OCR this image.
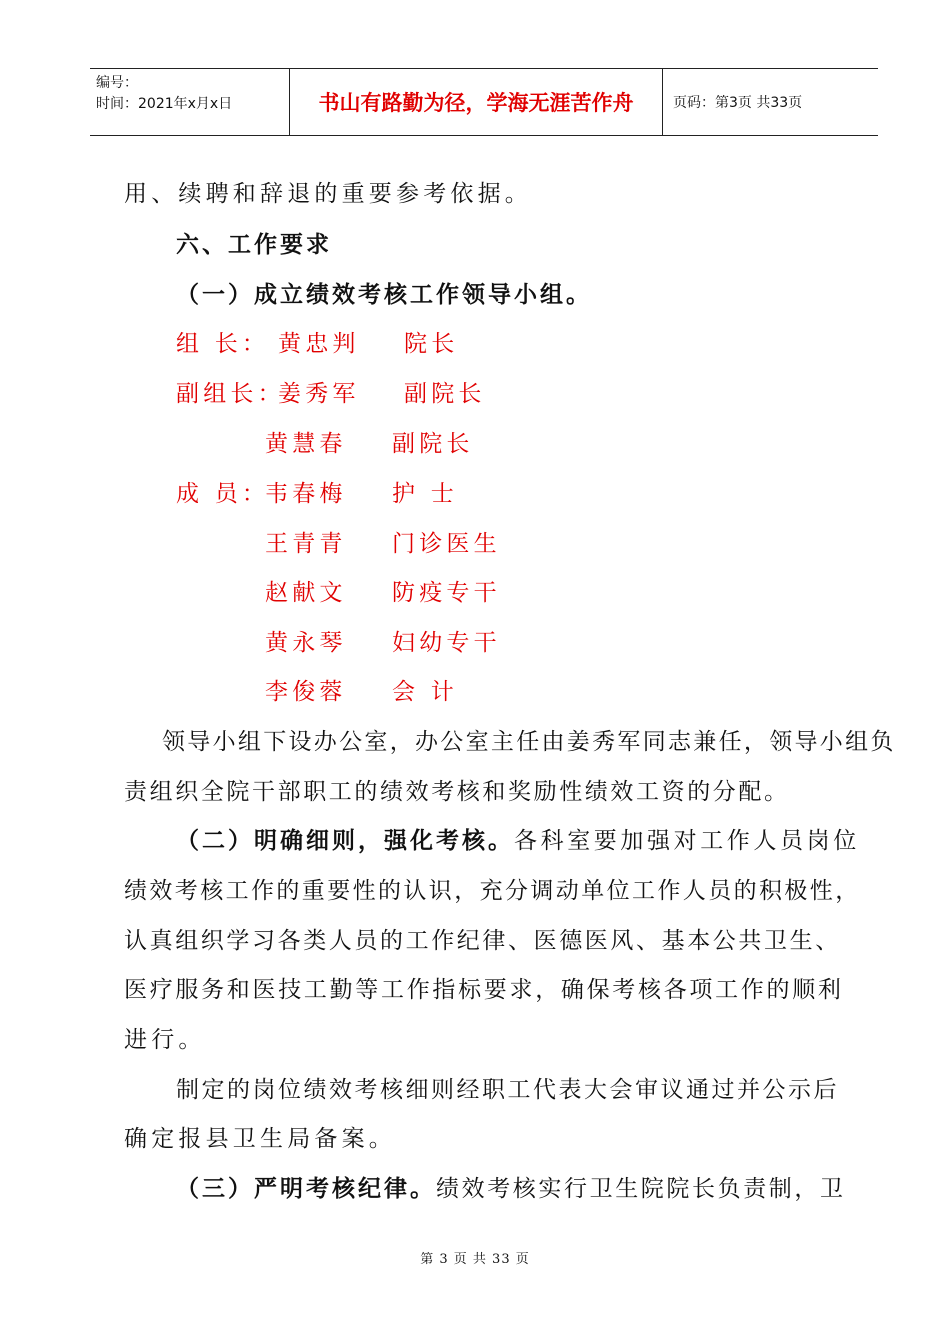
编号：
时间：2021年x月x日	书山有路勤为径，学海无涯苦作舟	页码：第3页 共33页
用、续聘和辞退的重要参考依据。
六、工作要求
（一）成立绩效考核工作领导小组。
组 长： 黄忠判 院长
副组长：
姜秀军 副院长
黄慧春 副院长
成 员：
韦春梅 护 士
王青青 门诊医生
赵献文 防疫专干
黄永琴 妇幼专干
李俊蓉 会 计
领导小组下设办公室，办公室主任由姜秀军同志兼任，领导小组负
责组织全院干部职工的绩效考核和奖励性绩效工资的分配。
（二）明确细则，强化考核。各科室要加强对工作人员岗位
绩效考核工作的重要性的认识，充分调动单位工作人员的积极性，
认真组织学习各类人员的工作纪律、医德医风、基本公共卫生、
医疗服务和医技工勤等工作指标要求，确保考核各项工作的顺利
进行。
制定的岗位绩效考核细则经职工代表大会审议通过并公示后
确定报县卫生局备案。
（三）严明考核纪律。绩效考核实行卫生院院长负责制，卫
第 3 页 共 33 页
